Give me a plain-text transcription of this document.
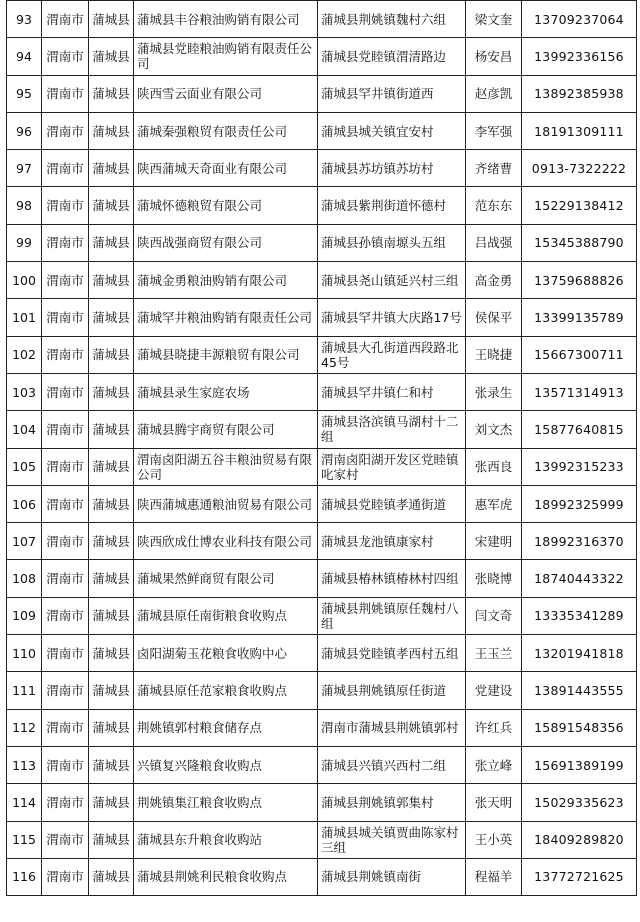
93	渭南市	蒲城县	蒲城县丰谷粮油购销有限公司	蒲城县荆姚镇魏村六组	梁文奎	13709237064
94	渭南市	蒲城县	蒲城县党睦粮油购销有限责任公司	蒲城县党睦镇渭清路边	杨安昌	13992336156
95	渭南市	蒲城县	陕西雪云面业有限公司	蒲城县罕井镇街道西	赵彦凯	13892385938
96	渭南市	蒲城县	蒲城秦强粮贸有限责任公司	蒲城县城关镇宜安村	李军强	18191309111
97	渭南市	蒲城县	陕西蒲城天奇面业有限公司	蒲城县苏坊镇苏坊村	齐绪曹	0913-7322222
98	渭南市	蒲城县	蒲城怀德粮贸有限公司	蒲城县紫荆街道怀德村	范东东	15229138412
99	渭南市	蒲城县	陕西战强商贸有限公司	蒲城县孙镇南塬头五组	吕战强	15345388790
100	渭南市	蒲城县	蒲城金勇粮油购销有限公司	蒲城县尧山镇延兴村三组	高金勇	13759688826
101	渭南市	蒲城县	蒲城罕井粮油购销有限责任公司	蒲城县罕井镇大庆路17号	侯保平	13399135789
102	渭南市	蒲城县	蒲城县晓捷丰源粮贸有限公司	蒲城县大孔街道西段路北45号	王晓捷	15667300711
103	渭南市	蒲城县	蒲城县录生家庭农场	蒲城县罕井镇仁和村	张录生	13571314913
104	渭南市	蒲城县	蒲城县腾宇商贸有限公司	蒲城县洛滨镇马湖村十二组	刘文杰	15877640815
105	渭南市	蒲城县	渭南卤阳湖五谷丰粮油贸易有限公司	渭南卤阳湖开发区党睦镇叱家村	张西良	13992315233
106	渭南市	蒲城县	陕西蒲城惠通粮油贸易有限公司	蒲城县党睦镇孝通街道	惠军虎	18992325999
107	渭南市	蒲城县	陕西欣成仕博农业科技有限公司	蒲城县龙池镇康家村	宋建明	18992316370
108	渭南市	蒲城县	蒲城果然鲜商贸有限公司	蒲城县椿林镇椿林村四组	张晓博	18740443322
109	渭南市	蒲城县	蒲城县原任南街粮食收购点	蒲城县荆姚镇原任魏村八组	闫文奇	13335341289
110	渭南市	蒲城县	卤阳湖菊玉花粮食收购中心	蒲城县党睦镇孝西村五组	王玉兰	13201941818
111	渭南市	蒲城县	蒲城县原任范家粮食收购点	蒲城县荆姚镇原任街道	党建设	13891443555
112	渭南市	蒲城县	荆姚镇郭村粮食储存点	渭南市蒲城县荆姚镇郭村	许红兵	15891548356
113	渭南市	蒲城县	兴镇复兴隆粮食收购点	蒲城县兴镇兴西村二组	张立峰	15691389199
114	渭南市	蒲城县	荆姚镇集江粮食收购点	蒲城县荆姚镇郭集村	张天明	15029335623
115	渭南市	蒲城县	蒲城县东升粮食收购站	蒲城县城关镇贾曲陈家村三组	王小英	18409289820
116	渭南市	蒲城县	蒲城县荆姚利民粮食收购点	蒲城县荆姚镇南街	程福羊	13772721625
